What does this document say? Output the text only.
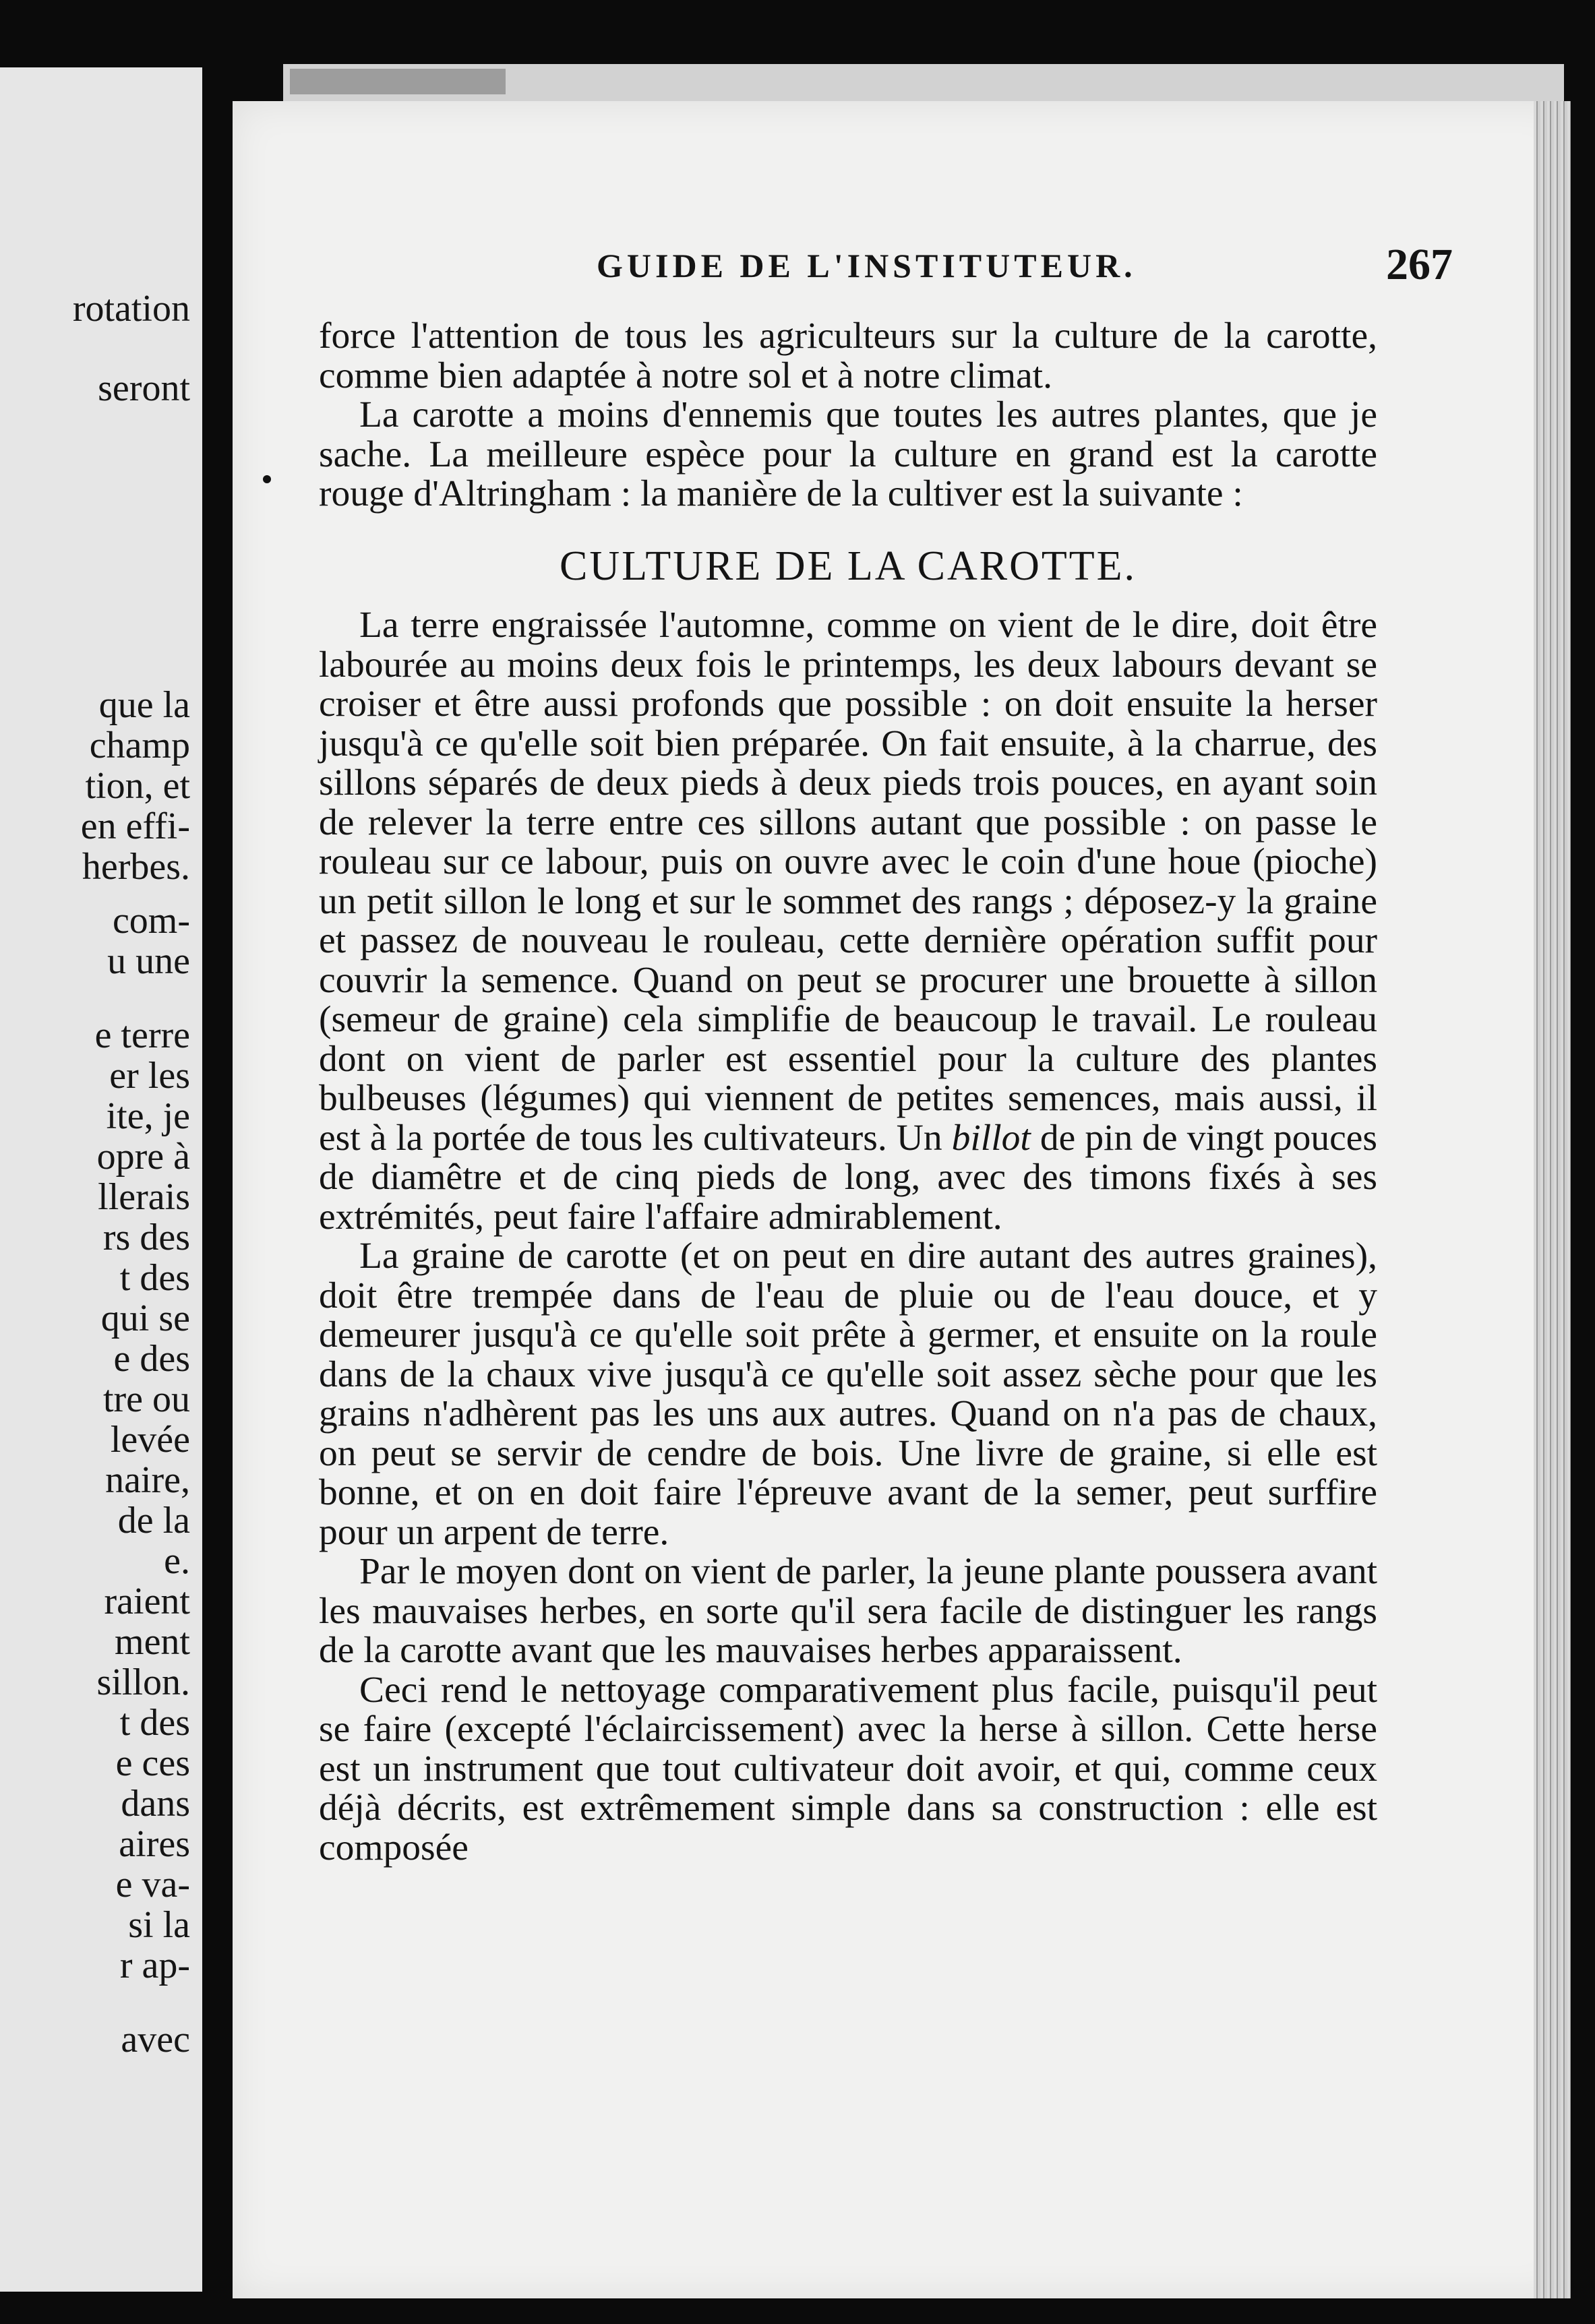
rotation
seront
que la
champ
tion, et
en effi-
herbes.
com-
u une
e terre
er les
ite, je
opre à
llerais
rs des
t des
qui se
e des
tre ou
levée
naire,
de la
e.
raient
ment
sillon.
t des
e ces
dans
aires
e va-
si la
r ap-
avec
GUIDE DE L'INSTITUTEUR.	267

force l'attention de tous les agriculteurs sur la culture de la carotte, comme bien adaptée à notre sol et à notre climat.

La carotte a moins d'ennemis que toutes les autres plantes, que je sache. La meilleure espèce pour la culture en grand est la carotte rouge d'Altringham : la manière de la cultiver est la suivante :

CULTURE DE LA CAROTTE.

La terre engraissée l'automne, comme on vient de le dire, doit être labourée au moins deux fois le printemps, les deux labours devant se croiser et être aussi profonds que possible : on doit ensuite la herser jusqu'à ce qu'elle soit bien préparée. On fait ensuite, à la charrue, des sillons séparés de deux pieds à deux pieds trois pouces, en ayant soin de relever la terre entre ces sillons autant que possible : on passe le rouleau sur ce labour, puis on ouvre avec le coin d'une houe (pioche) un petit sillon le long et sur le sommet des rangs ; déposez-y la graine et passez de nouveau le rouleau, cette dernière opération suffit pour couvrir la semence. Quand on peut se procurer une brouette à sillon (semeur de graine) cela simplifie de beaucoup le travail. Le rouleau dont on vient de parler est essentiel pour la culture des plantes bulbeuses (légumes) qui viennent de petites semences, mais aussi, il est à la portée de tous les cultivateurs. Un billot de pin de vingt pouces de diamêtre et de cinq pieds de long, avec des timons fixés à ses extrémités, peut faire l'affaire admirablement.

La graine de carotte (et on peut en dire autant des autres graines), doit être trempée dans de l'eau de pluie ou de l'eau douce, et y demeurer jusqu'à ce qu'elle soit prête à germer, et ensuite on la roule dans de la chaux vive jusqu'à ce qu'elle soit assez sèche pour que les grains n'adhèrent pas les uns aux autres. Quand on n'a pas de chaux, on peut se servir de cendre de bois. Une livre de graine, si elle est bonne, et on en doit faire l'épreuve avant de la semer, peut surffire pour un arpent de terre.

Par le moyen dont on vient de parler, la jeune plante poussera avant les mauvaises herbes, en sorte qu'il sera facile de distinguer les rangs de la carotte avant que les mauvaises herbes apparaissent.

Ceci rend le nettoyage comparativement plus facile, puisqu'il peut se faire (excepté l'éclaircissement) avec la herse à sillon. Cette herse est un instrument que tout cultivateur doit avoir, et qui, comme ceux déjà décrits, est extrêmement simple dans sa construction : elle est composée
